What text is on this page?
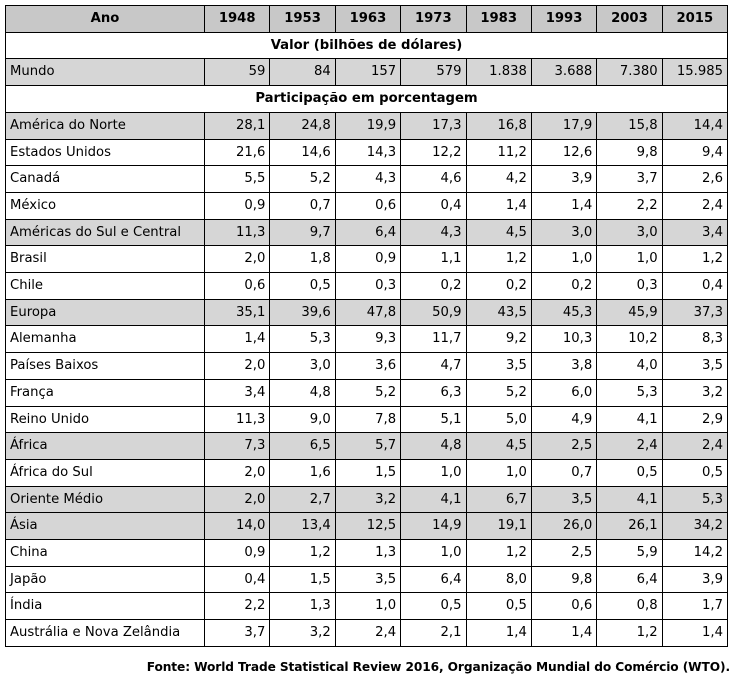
Ano	1948	1953	1963	1973	1983	1993	2003	2015
Valor (bilhões de dólares)								
Mundo	59	84	157	579	1.838	3.688	7.380	15.985
Participação em porcentagem								
América do Norte	28,1	24,8	19,9	17,3	16,8	17,9	15,8	14,4
Estados Unidos	21,6	14,6	14,3	12,2	11,2	12,6	9,8	9,4
Canadá	5,5	5,2	4,3	4,6	4,2	3,9	3,7	2,6
México	0,9	0,7	0,6	0,4	1,4	1,4	2,2	2,4
Américas do Sul e Central	11,3	9,7	6,4	4,3	4,5	3,0	3,0	3,4
Brasil	2,0	1,8	0,9	1,1	1,2	1,0	1,0	1,2
Chile	0,6	0,5	0,3	0,2	0,2	0,2	0,3	0,4
Europa	35,1	39,6	47,8	50,9	43,5	45,3	45,9	37,3
Alemanha	1,4	5,3	9,3	11,7	9,2	10,3	10,2	8,3
Países Baixos	2,0	3,0	3,6	4,7	3,5	3,8	4,0	3,5
França	3,4	4,8	5,2	6,3	5,2	6,0	5,3	3,2
Reino Unido	11,3	9,0	7,8	5,1	5,0	4,9	4,1	2,9
África	7,3	6,5	5,7	4,8	4,5	2,5	2,4	2,4
África do Sul	2,0	1,6	1,5	1,0	1,0	0,7	0,5	0,5
Oriente Médio	2,0	2,7	3,2	4,1	6,7	3,5	4,1	5,3
Ásia	14,0	13,4	12,5	14,9	19,1	26,0	26,1	34,2
China	0,9	1,2	1,3	1,0	1,2	2,5	5,9	14,2
Japão	0,4	1,5	3,5	6,4	8,0	9,8	6,4	3,9
Índia	2,2	1,3	1,0	0,5	0,5	0,6	0,8	1,7
Austrália e Nova Zelândia	3,7	3,2	2,4	2,1	1,4	1,4	1,2	1,4
Fonte: World Trade Statistical Review 2016, Organização Mundial do Comércio (WTO).
